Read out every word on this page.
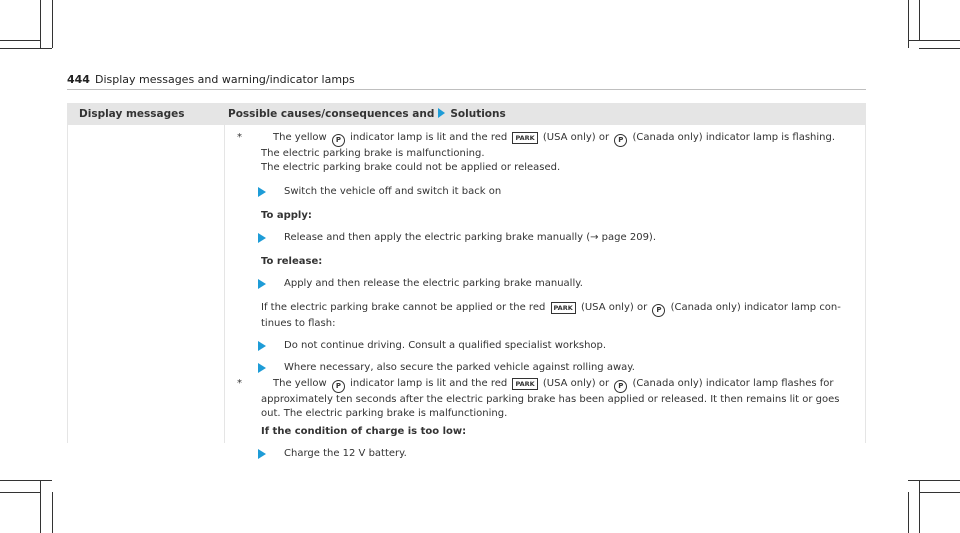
444 Display messages and warning/indicator lamps
Display messages	Possible causes/consequences and Solutions
*	The yellow P indicator lamp is lit and the red PARK (USA only) or P (Canada only) indicator lamp is flashing.

The electric parking brake is malfunctioning.

The electric parking brake could not be applied or released.

Switch the vehicle off and switch it back on

To apply:

Release and then apply the electric parking brake manually (→ page 209).

To release:

Apply and then release the electric parking brake manually.

If the electric parking brake cannot be applied or the red PARK (USA only) or P (Canada only) indicator lamp con-

tinues to flash:

Do not continue driving. Consult a qualified specialist workshop.
Where necessary, also secure the parked vehicle against rolling away.
*	The yellow P indicator lamp is lit and the red PARK (USA only) or P (Canada only) indicator lamp flashes for

approximately ten seconds after the electric parking brake has been applied or released. It then remains lit or goes

out. The electric parking brake is malfunctioning.

If the condition of charge is too low:

Charge the 12 V battery.
